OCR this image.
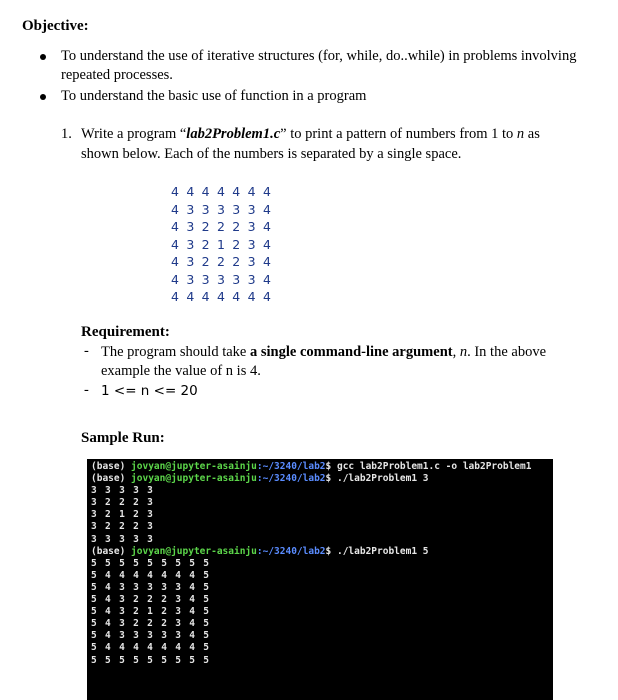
Objective:
To understand the use of iterative structures (for, while, do..while) in problems involving
repeated processes.
To understand the basic use of function in a program
1. Write a program “lab2Problem1.c” to print a pattern of numbers from 1 to n as
shown below. Each of the numbers is separated by a single space.
4 4 4 4 4 4 4
4 3 3 3 3 3 4
4 3 2 2 2 3 4
4 3 2 1 2 3 4
4 3 2 2 2 3 4
4 3 3 3 3 3 4
4 4 4 4 4 4 4
Requirement:
- The program should take a single command-line argument, n. In the above
example the value of n is 4.
- 1 <= n <= 20
Sample Run:
(base) jovyan@jupyter-asainju:~/3240/lab2$ gcc lab2Problem1.c -o lab2Problem1
(base) jovyan@jupyter-asainju:~/3240/lab2$ ./lab2Problem1 3
3 3 3 3 3
3 2 2 2 3
3 2 1 2 3
3 2 2 2 3
3 3 3 3 3
(base) jovyan@jupyter-asainju:~/3240/lab2$ ./lab2Problem1 5
5 5 5 5 5 5 5 5 5
5 4 4 4 4 4 4 4 5
5 4 3 3 3 3 3 4 5
5 4 3 2 2 2 3 4 5
5 4 3 2 1 2 3 4 5
5 4 3 2 2 2 3 4 5
5 4 3 3 3 3 3 4 5
5 4 4 4 4 4 4 4 5
5 5 5 5 5 5 5 5 5
